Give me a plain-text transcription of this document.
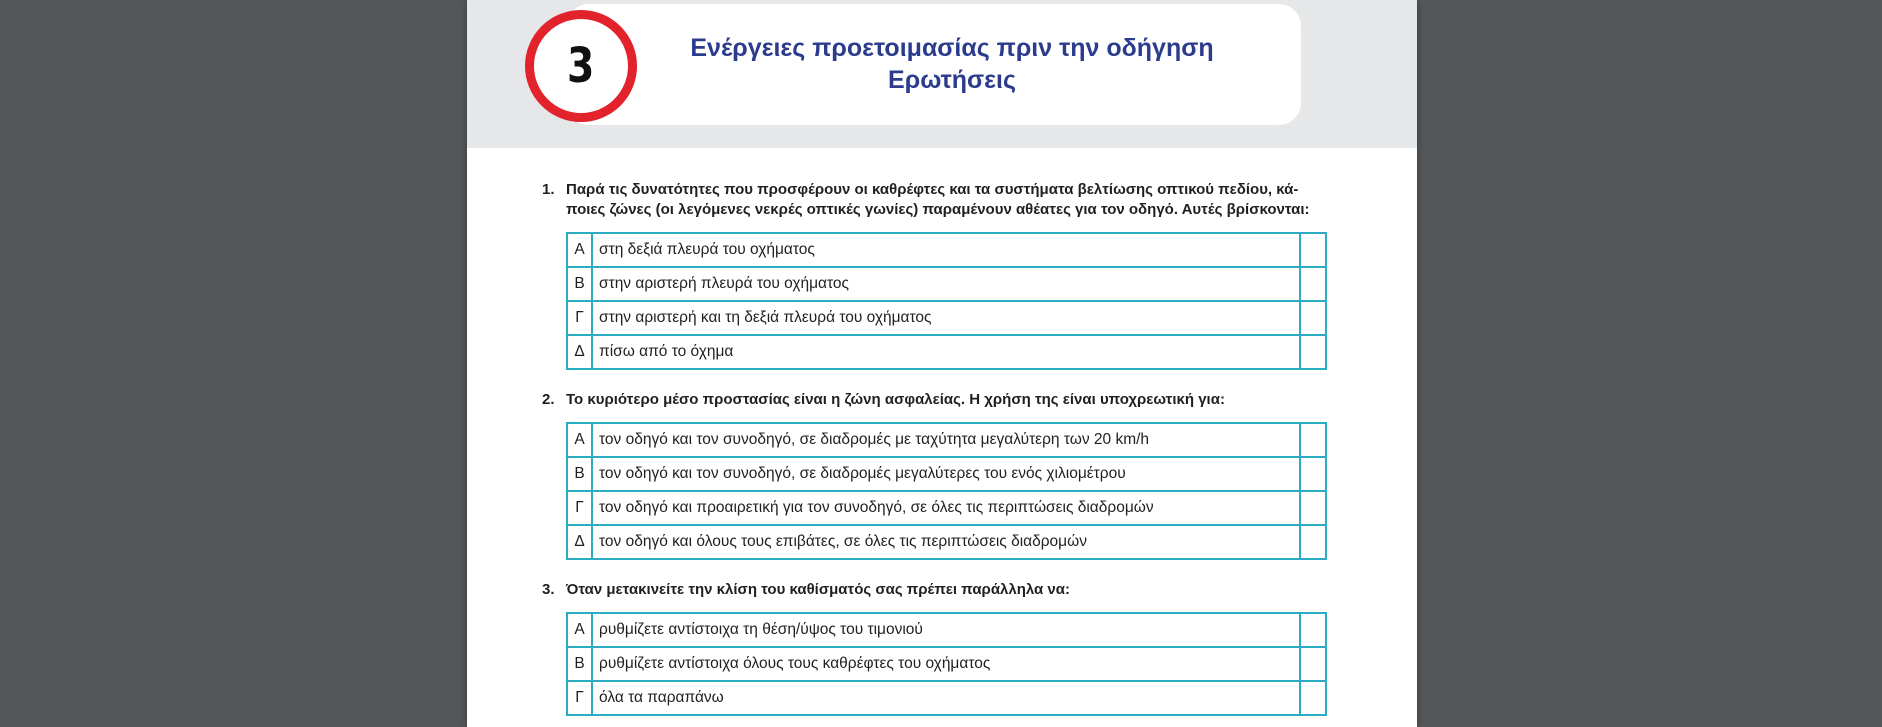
3	Ενέργειες προετοιμασίας πριν την οδήγηση
Ερωτήσεις
1. Παρά τις δυνατότητες που προσφέρουν οι καθρέφτες και τα συστήματα βελτίωσης οπτικού πεδίου, κά-
ποιες ζώνες (οι λεγόμενες νεκρές οπτικές γωνίες) παραμένουν αθέατες για τον οδηγό. Αυτές βρίσκονται:
Α	στη δεξιά πλευρά του οχήματος	
Β	στην αριστερή πλευρά του οχήματος	
Γ	στην αριστερή και τη δεξιά πλευρά του οχήματος	
Δ	πίσω από το όχημα	
2. Το κυριότερο μέσο προστασίας είναι η ζώνη ασφαλείας. Η χρήση της είναι υποχρεωτική για:
Α	τον οδηγό και τον συνοδηγό, σε διαδρομές με ταχύτητα μεγαλύτερη των 20 km/h	
Β	τον οδηγό και τον συνοδηγό, σε διαδρομές μεγαλύτερες του ενός χιλιομέτρου	
Γ	τον οδηγό και προαιρετική για τον συνοδηγό, σε όλες τις περιπτώσεις διαδρομών	
Δ	τον οδηγό και όλους τους επιβάτες, σε όλες τις περιπτώσεις διαδρομών	
3. Όταν μετακινείτε την κλίση του καθίσματός σας πρέπει παράλληλα να:
Α	ρυθμίζετε αντίστοιχα τη θέση/ύψος του τιμονιού	
Β	ρυθμίζετε αντίστοιχα όλους τους καθρέφτες του οχήματος	
Γ	όλα τα παραπάνω	
